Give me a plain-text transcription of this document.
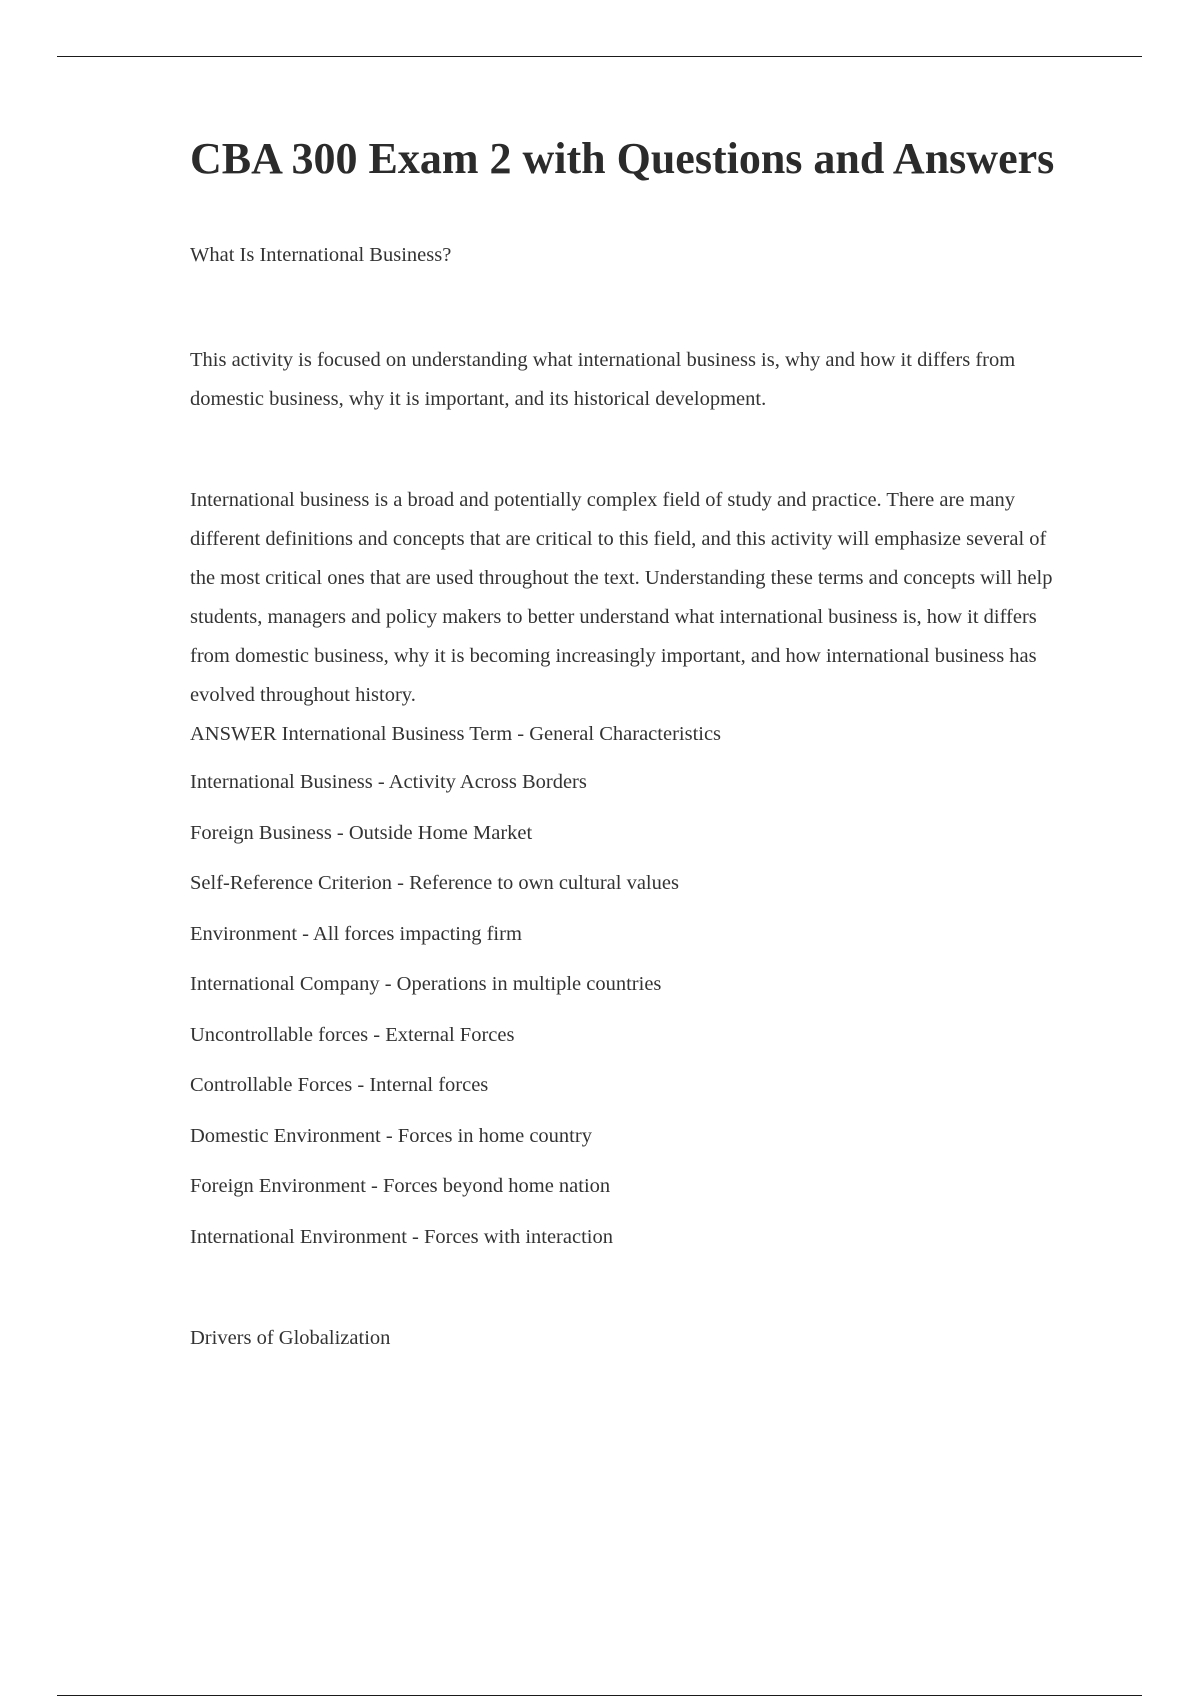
CBA 300 Exam 2 with Questions and Answers

What Is International Business?

This activity is focused on understanding what international business is, why and how it differs from domestic business, why it is important, and its historical development.

International business is a broad and potentially complex field of study and practice. There are many different definitions and concepts that are critical to this field, and this activity will emphasize several of the most critical ones that are used throughout the text. Understanding these terms and concepts will help students, managers and policy makers to better understand what international business is, how it differs from domestic business, why it is becoming increasingly important, and how international business has evolved throughout history.

ANSWER International Business Term - General Characteristics

International Business - Activity Across Borders
Foreign Business - Outside Home Market
Self-Reference Criterion - Reference to own cultural values
Environment - All forces impacting firm
International Company - Operations in multiple countries
Uncontrollable forces - External Forces
Controllable Forces - Internal forces
Domestic Environment - Forces in home country
Foreign Environment - Forces beyond home nation
International Environment - Forces with interaction

Drivers of Globalization
